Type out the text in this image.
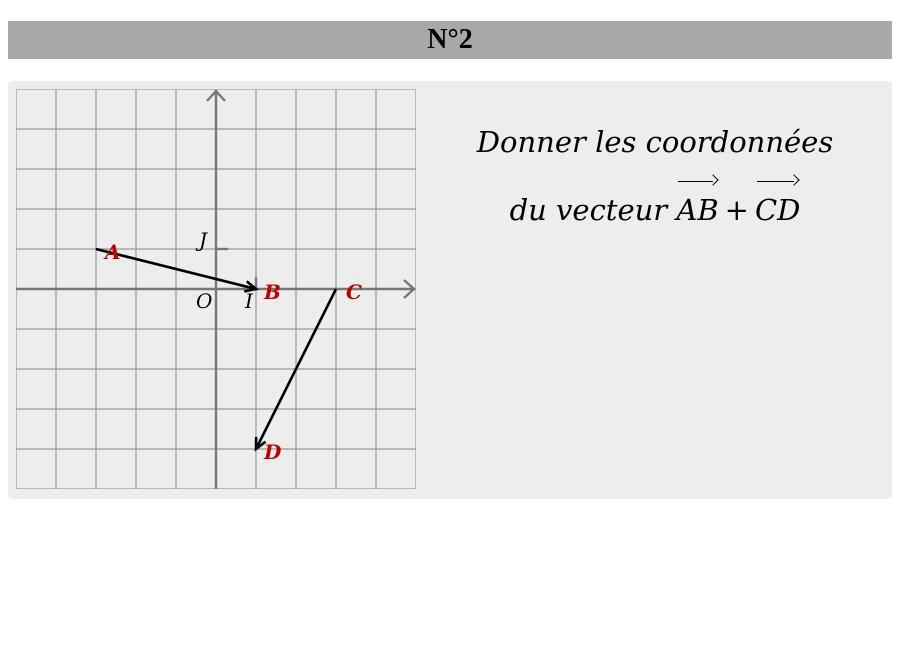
N°2
O I
J
A
B	C
D
Donner les coordonnées
du vecteur AB + CD
